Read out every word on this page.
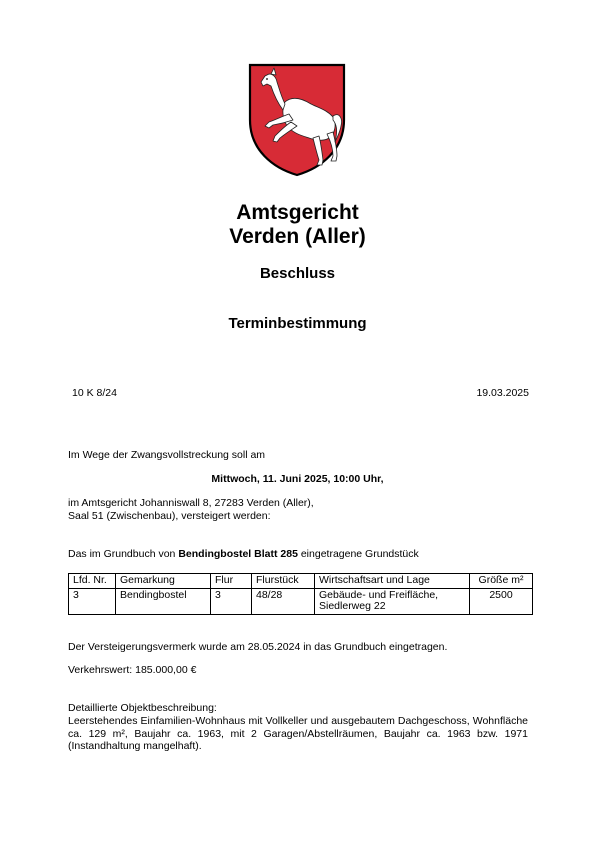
Amtsgericht
Verden (Aller)
Beschluss
Terminbestimmung
10 K 8/24	19.03.2025
Im Wege der Zwangsvollstreckung soll am
Mittwoch, 11. Juni 2025, 10:00 Uhr,
im Amtsgericht Johanniswall 8, 27283 Verden (Aller),
Saal 51 (Zwischenbau), versteigert werden:
Das im Grundbuch von Bendingbostel Blatt 285 eingetragene Grundstück
Lfd. Nr.	Gemarkung	Flur	Flurstück	Wirtschaftsart und Lage	Größe m²
3	Bendingbostel	3	48/28	Gebäude- und Freifläche, Siedlerweg 22	2500
Der Versteigerungsvermerk wurde am 28.05.2024 in das Grundbuch eingetragen.
Verkehrswert: 185.000,00 €
Detaillierte Objektbeschreibung:
Leerstehendes Einfamilien-Wohnhaus mit Vollkeller und ausgebautem Dachgeschoss, Wohnfläche ca. 129 m², Baujahr ca. 1963, mit 2 Garagen/Abstellräumen, Baujahr ca. 1963 bzw. 1971 (Instandhaltung mangelhaft).
